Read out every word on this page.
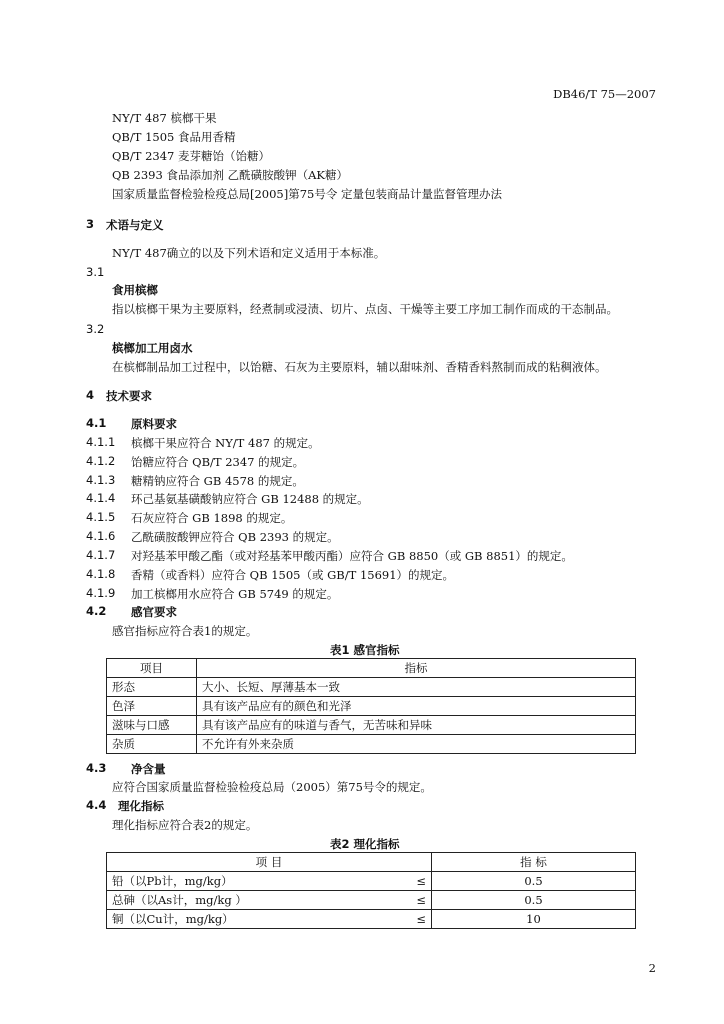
DB46/T 75—2007
NY/T 487 槟榔干果
QB/T 1505 食品用香精
QB/T 2347 麦芽糖饴（饴糖）
QB 2393 食品添加剂 乙酰磺胺酸钾（AK糖）
国家质量监督检验检疫总局[2005]第75号令 定量包装商品计量监督管理办法
3 术语与定义
NY/T 487确立的以及下列术语和定义适用于本标准。
3.1
食用槟榔
指以槟榔干果为主要原料，经煮制或浸渍、切片、点卤、干燥等主要工序加工制作而成的干态制品。
3.2
槟榔加工用卤水
在槟榔制品加工过程中，以饴糖、石灰为主要原料，辅以甜味剂、香精香料熬制而成的粘稠液体。
4 技术要求
4.1 原料要求
4.1.1 槟榔干果应符合 NY/T 487 的规定。
4.1.2 饴糖应符合 QB/T 2347 的规定。
4.1.3 糖精钠应符合 GB 4578 的规定。
4.1.4 环己基氨基磺酸钠应符合 GB 12488 的规定。
4.1.5 石灰应符合 GB 1898 的规定。
4.1.6 乙酰磺胺酸钾应符合 QB 2393 的规定。
4.1.7 对羟基苯甲酸乙酯（或对羟基苯甲酸丙酯）应符合 GB 8850（或 GB 8851）的规定。
4.1.8 香精（或香料）应符合 QB 1505（或 GB/T 15691）的规定。
4.1.9 加工槟榔用水应符合 GB 5749 的规定。
4.2 感官要求
感官指标应符合表1的规定。
表1 感官指标
项目	指标
形态	大小、长短、厚薄基本一致
色泽	具有该产品应有的颜色和光泽
滋味与口感	具有该产品应有的味道与香气，无苦味和异味
杂质	不允许有外来杂质
4.3 净含量
应符合国家质量监督检验检疫总局（2005）第75号令的规定。
4.4 理化指标
理化指标应符合表2的规定。
表2 理化指标
项 目		指 标
铅（以Pb计，mg/kg）	≤	0.5
总砷（以As计，mg/kg ）	≤	0.5
铜（以Cu计，mg/kg）	≤	10
2
